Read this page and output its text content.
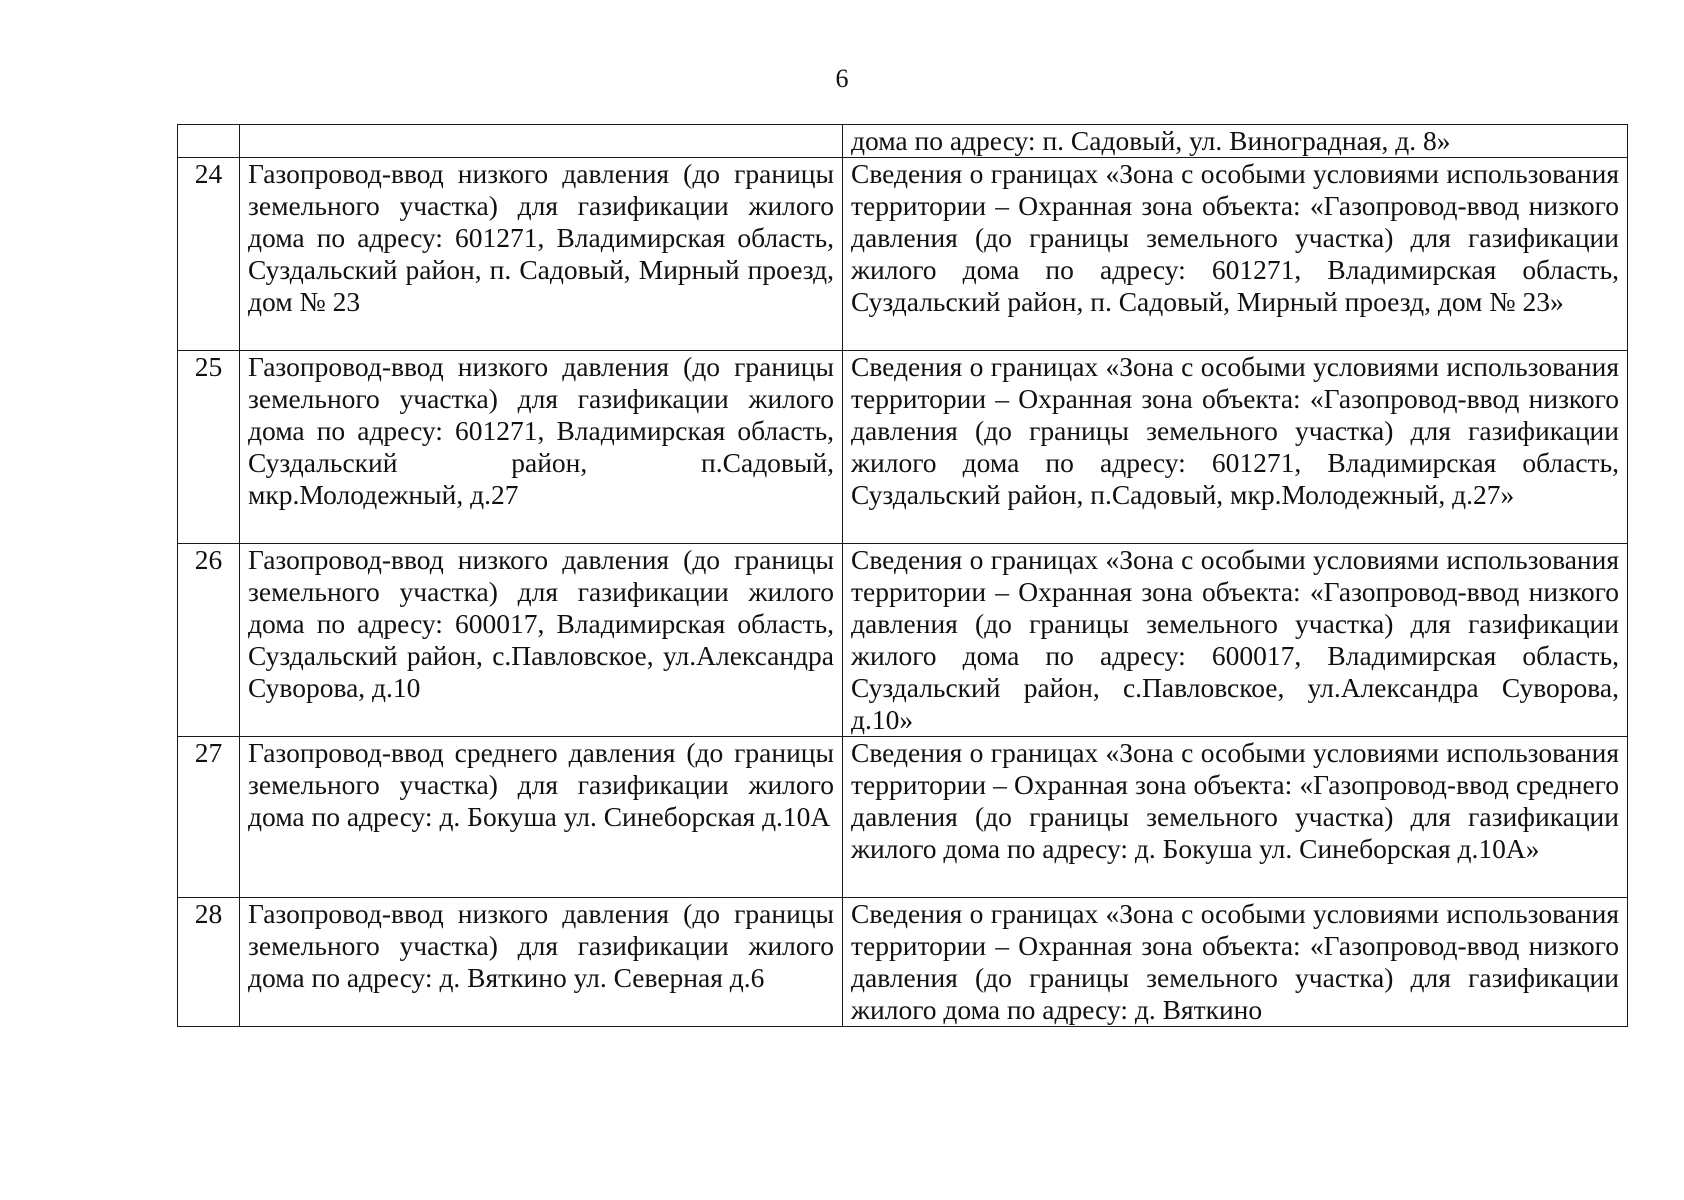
6
		дома по адресу: п. Садовый, ул. Виноградная, д. 8»
24	Газопровод-ввод низкого давления (до границы земельного участка) для газификации жилого дома по адресу: 601271, Владимирская область, Суздальский район, п. Садовый, Мирный проезд, дом № 23	Сведения о границах «Зона с особыми условиями использования территории – Охранная зона объекта: «Газопровод-ввод низкого давления (до границы земельного участка) для газификации жилого дома по адресу: 601271, Владимирская область, Суздальский район, п. Садовый, Мирный проезд, дом № 23»
25	Газопровод-ввод низкого давления (до границы земельного участка) для газификации жилого дома по адресу: 601271, Владимирская область, Суздальский район, п.Садовый, мкр.Молодежный, д.27	Сведения о границах «Зона с особыми условиями использования территории – Охранная зона объекта: «Газопровод-ввод низкого давления (до границы земельного участка) для газификации жилого дома по адресу: 601271, Владимирская область, Суздальский район, п.Садовый, мкр.Молодежный, д.27»
26	Газопровод-ввод низкого давления (до границы земельного участка) для газификации жилого дома по адресу: 600017, Владимирская область, Суздальский район, с.Павловское, ул.Александра Суворова, д.10	Сведения о границах «Зона с особыми условиями использования территории – Охранная зона объекта: «Газопровод-ввод низкого давления (до границы земельного участка) для газификации жилого дома по адресу: 600017, Владимирская область, Суздальский район, с.Павловское, ул.Александра Суворова, д.10»
27	Газопровод-ввод среднего давления (до границы земельного участка) для газификации жилого дома по адресу: д. Бокуша ул. Синеборская д.10А	Сведения о границах «Зона с особыми условиями использования территории – Охранная зона объекта: «Газопровод-ввод среднего давления (до границы земельного участка) для газификации жилого дома по адресу: д. Бокуша ул. Синеборская д.10А»
28	Газопровод-ввод низкого давления (до границы земельного участка) для газификации жилого дома по адресу: д. Вяткино ул. Северная д.6	Сведения о границах «Зона с особыми условиями использования территории – Охранная зона объекта: «Газопровод-ввод низкого давления (до границы земельного участка) для газификации жилого дома по адресу: д. Вяткино
